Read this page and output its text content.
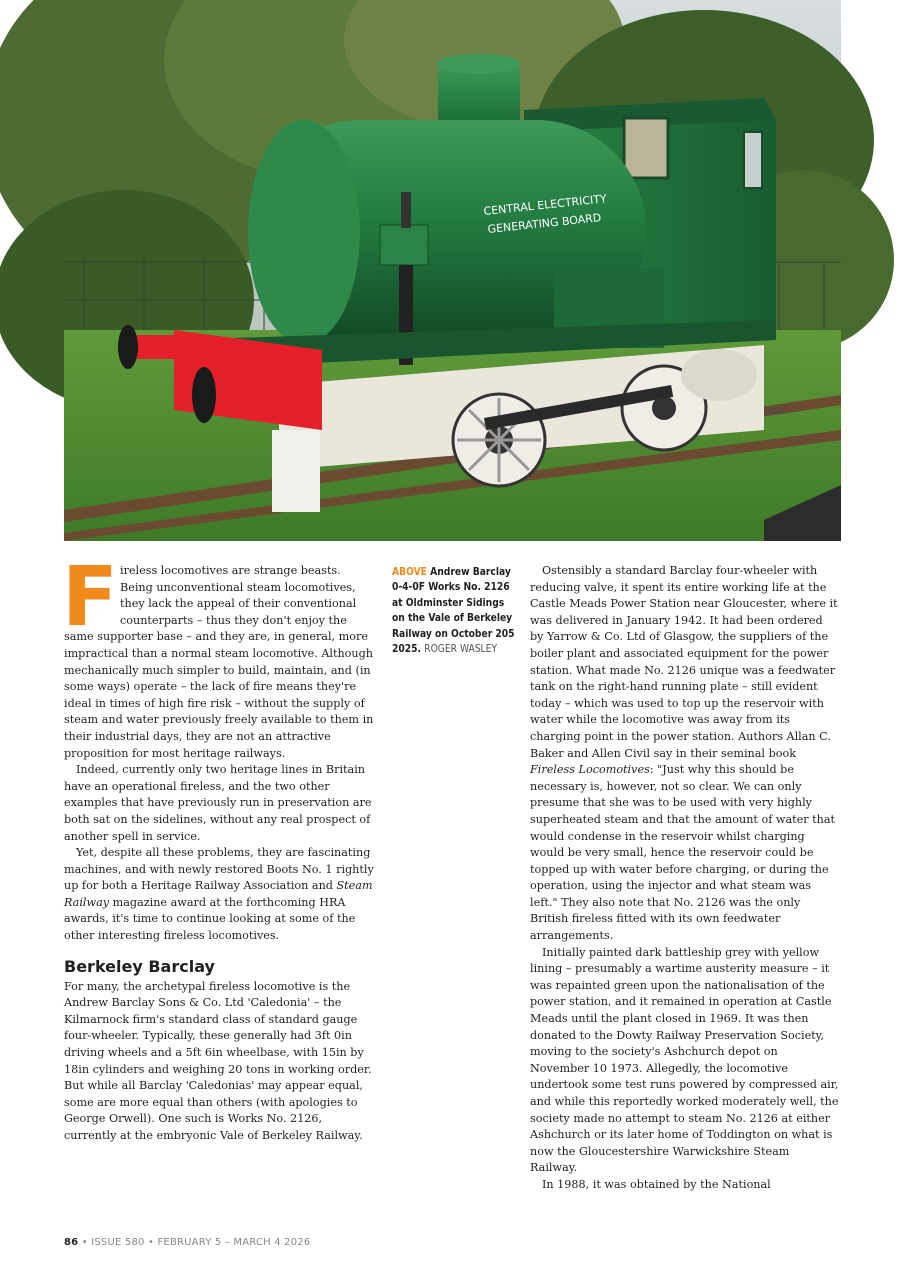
CENTRAL ELECTRICITY
GENERATING BOARD

F ireless locomotives are strange beasts. Being unconventional steam locomotives, they lack the appeal of their conventional counterparts – thus they don't enjoy the same supporter base – and they are, in general, more impractical than a normal steam locomotive. Although mechanically much simpler to build, maintain, and (in some ways) operate – the lack of fire means they're ideal in times of high fire risk – without the supply of steam and water previously freely available to them in their industrial days, they are not an attractive proposition for most heritage railways.

Indeed, currently only two heritage lines in Britain have an operational fireless, and the two other examples that have previously run in preservation are both sat on the sidelines, without any real prospect of another spell in service.

Yet, despite all these problems, they are fascinating machines, and with newly restored Boots No. 1 rightly up for both a Heritage Railway Association and Steam Railway magazine award at the forthcoming HRA awards, it's time to continue looking at some of the other interesting fireless locomotives.

Berkeley Barclay

For many, the archetypal fireless locomotive is the Andrew Barclay Sons & Co. Ltd 'Caledonia' – the Kilmarnock firm's standard class of standard gauge four-wheeler. Typically, these generally had 3ft 0in driving wheels and a 5ft 6in wheelbase, with 15in by 18in cylinders and weighing 20 tons in working order. But while all Barclay 'Caledonias' may appear equal, some are more equal than others (with apologies to George Orwell). One such is Works No. 2126, currently at the embryonic Vale of Berkeley Railway.

ABOVE Andrew Barclay 0-4-0F Works No. 2126 at Oldminster Sidings on the Vale of Berkeley Railway on October 205 2025. ROGER WASLEY

Ostensibly a standard Barclay four-wheeler with reducing valve, it spent its entire working life at the Castle Meads Power Station near Gloucester, where it was delivered in January 1942. It had been ordered by Yarrow & Co. Ltd of Glasgow, the suppliers of the boiler plant and associated equipment for the power station. What made No. 2126 unique was a feedwater tank on the right-hand running plate – still evident today – which was used to top up the reservoir with water while the locomotive was away from its charging point in the power station. Authors Allan C. Baker and Allen Civil say in their seminal book Fireless Locomotives: "Just why this should be necessary is, however, not so clear. We can only presume that she was to be used with very highly superheated steam and that the amount of water that would condense in the reservoir whilst charging would be very small, hence the reservoir could be topped up with water before charging, or during the operation, using the injector and what steam was left." They also note that No. 2126 was the only British fireless fitted with its own feedwater arrangements.

Initially painted dark battleship grey with yellow lining – presumably a wartime austerity measure – it was repainted green upon the nationalisation of the power station, and it remained in operation at Castle Meads until the plant closed in 1969. It was then donated to the Dowty Railway Preservation Society, moving to the society's Ashchurch depot on November 10 1973. Allegedly, the locomotive undertook some test runs powered by compressed air, and while this reportedly worked moderately well, the society made no attempt to steam No. 2126 at either Ashchurch or its later home of Toddington on what is now the Gloucestershire Warwickshire Steam Railway.

In 1988, it was obtained by the National

86 • ISSUE 580 • FEBRUARY 5 – MARCH 4 2026
